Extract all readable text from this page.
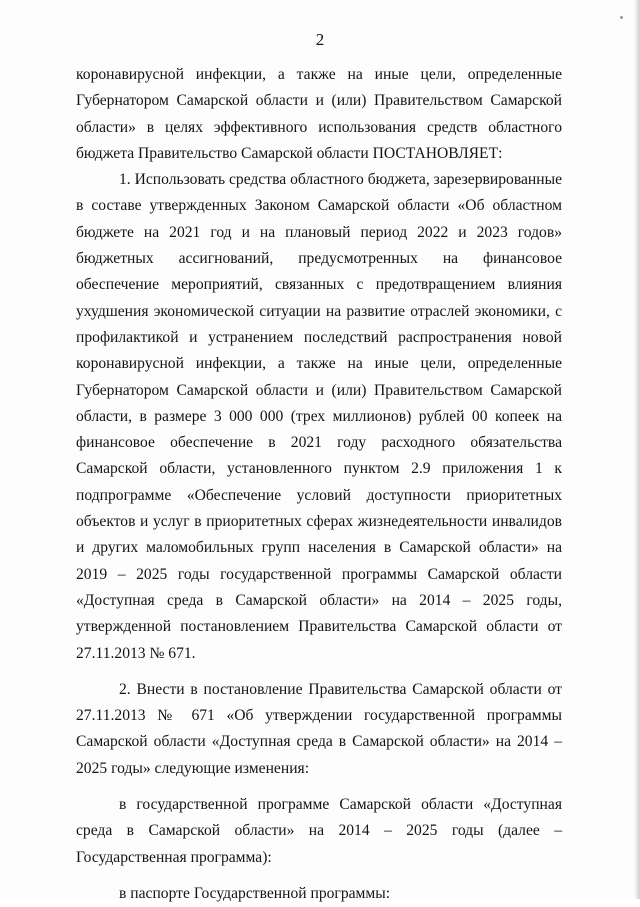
2

коронавирусной инфекции, а также на иные цели, определенные Губернатором Самарской области и (или) Правительством Самарской области» в целях эффективного использования средств областного бюджета Правительство Самарской области ПОСТАНОВЛЯЕТ:

1. Использовать средства областного бюджета, зарезервированные в составе утвержденных Законом Самарской области «Об областном бюджете на 2021 год и на плановый период 2022 и 2023 годов» бюджетных ассигнований, предусмотренных на финансовое обеспечение мероприятий, связанных с предотвращением влияния ухудшения экономической ситуации на развитие отраслей экономики, с профилактикой и устранением последствий распространения новой коронавирусной инфекции, а также на иные цели, определенные Губернатором Самарской области и (или) Правительством Самарской области, в размере 3 000 000 (трех миллионов) рублей 00 копеек на финансовое обеспечение в 2021 году расходного обязательства Самарской области, установленного пунктом 2.9 приложения 1 к подпрограмме «Обеспечение условий доступности приоритетных объектов и услуг в приоритетных сферах жизнедеятельности инвалидов и других маломобильных групп населения в Самарской области» на 2019 – 2025 годы государственной программы Самарской области «Доступная среда в Самарской области» на 2014 – 2025 годы, утвержденной постановлением Правительства Самарской области от 27.11.2013 № 671.

2. Внести в постановление Правительства Самарской области от 27.11.2013 № 671 «Об утверждении государственной программы Самарской области «Доступная среда в Самарской области» на 2014 – 2025 годы» следующие изменения:

в государственной программе Самарской области «Доступная среда в Самарской области» на 2014 – 2025 годы (далее – Государственная программа):

в паспорте Государственной программы:
